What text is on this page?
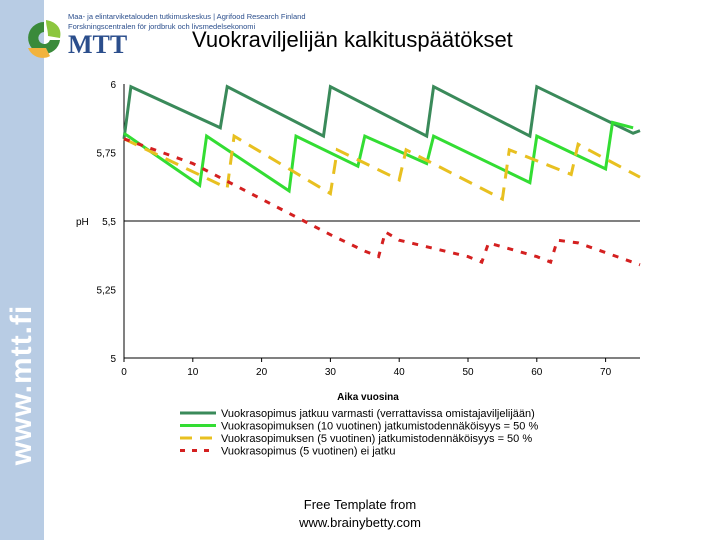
www.mtt.fi
Maa- ja elintarviketalouden tutkimuskeskus | Agrifood Research Finland
Forskningscentralen för jordbruk och livsmedelsekonomi
MTT	Vuokraviljelijän kalkituspäätökset
5
5,25
5,5
5,75
6
0	10	20	30	40	50	60	70
pH
Aika vuosina
Vuokrasopimus jatkuu varmasti (verrattavissa omistajaviljelijään)
Vuokrasopimuksen (10 vuotinen) jatkumistodennäköisyys = 50 %
Vuokrasopimuksen (5 vuotinen) jatkumistodennäköisyys = 50 %
Vuokrasopimus (5 vuotinen) ei jatku
Free Template from
www.brainybetty.com
